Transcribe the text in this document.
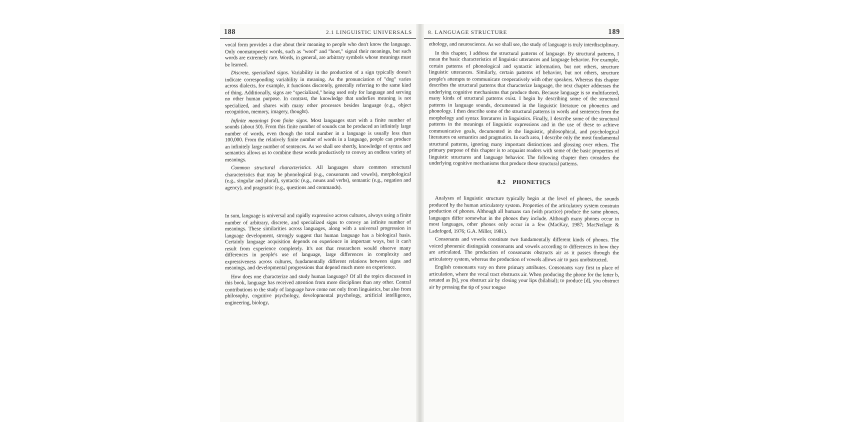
188	2.1 LINGUISTIC UNIVERSALS

vocal form provides a clue about their meaning to people who don't know the language. Only onomatopoetic words, such as "woof" and "hoot," signal their meanings, but such words are extremely rare. Words, in general, are arbitrary symbols whose meanings must be learned.

Discrete, specialized signs. Variability in the production of a sign typically doesn't indicate corresponding variability in meaning. As the pronunciation of "dog" varies across dialects, for example, it functions discretely, generally referring to the same kind of thing. Additionally, signs are "specialized," being used only for language and serving no other human purpose. In contrast, the knowledge that underlies meaning is not specialized, and shares with many other processes besides language (e.g., object recognition, memory, imagery, thought).

Infinite meanings from finite signs. Most languages start with a finite number of sounds (about 50). From this finite number of sounds can be produced an infinitely large number of words, even though the total number in a language is usually less than 100,000. From the relatively finite number of words in a language, people can produce an infinitely large number of sentences. As we shall see shortly, knowledge of syntax and semantics allows us to combine these words productively to convey an endless variety of meanings.

Common structural characteristics. All languages share common structural characteristics that may be phonological (e.g., consonants and vowels), morphological (e.g., singular and plural), syntactic (e.g., nouns and verbs), semantic (e.g., negation and agency), and pragmatic (e.g., questions and commands).

In sum, language is universal and rapidly expressive across cultures, always using a finite number of arbitrary, discrete, and specialized signs to convey an infinite number of meanings. These similarities across languages, along with a universal progression in language development, strongly suggest that human language has a biological basis. Certainly language acquisition depends on experience in important ways, but it can't result from experience completely. It's not that researchers would observe many differences in people's use of language, large differences in complexity and expressiveness across cultures, fundamentally different relations between signs and meanings, and developmental progressions that depend much more on experience.

How does one characterize and study human language? Of all the topics discussed in this book, language has received attention from more disciplines than any other. Central contributions to the study of language have come not only from linguistics, but also from philosophy, cognitive psychology, developmental psychology, artificial intelligence, engineering, biology,

8. LANGUAGE STRUCTURE	189

ethology, and neuroscience. As we shall see, the study of language is truly interdisciplinary.

In this chapter, I address the structural patterns of language. By structural patterns, I mean the basic characteristics of linguistic utterances and language behavior. For example, certain patterns of phonological and syntactic information, but not others, structure linguistic utterances. Similarly, certain patterns of behavior, but not others, structure people's attempts to communicate cooperatively with other speakers. Whereas this chapter describes the structural patterns that characterize language, the next chapter addresses the underlying cognitive mechanisms that produce them. Because language is so multifaceted, many kinds of structural patterns exist. I begin by describing some of the structural patterns in language sounds, documented in the linguistic literature on phonetics and phonology. I then describe some of the structural patterns in words and sentences from the morphology and syntax literatures in linguistics. Finally, I describe some of the structural patterns in the meanings of linguistic expressions and in the use of these to achieve communicative goals, documented in the linguistic, philosophical, and psychological literatures on semantics and pragmatics. In each area, I describe only the most fundamental structural patterns, ignoring many important distinctions and glossing over others. The primary purpose of this chapter is to acquaint readers with some of the basic properties of linguistic structures and language behavior. The following chapter then considers the underlying cognitive mechanisms that produce these structural patterns.

8.2 PHONETICS

Analyses of linguistic structure typically begin at the level of phones, the sounds produced by the human articulatory system. Properties of the articulatory system constrain production of phones. Although all humans can (with practice) produce the same phones, languages differ somewhat in the phones they include. Although many phones occur in most languages, other phones only occur in a few (MacKay, 1987; MacNeilage & Ladefoged, 1976; G.A. Miller, 1981).

Consonants and vowels constitute two fundamentally different kinds of phones. The voiced phonemic distinguish consonants and vowels according to differences in how they are articulated. The production of consonants obstructs air as it passes through the articulatory system, whereas the production of vowels allows air to pass unobstructed.

English consonants vary on three primary attributes. Consonants vary first in place of articulation, where the vocal tract obstructs air. When producing the phone for the letter b, notated as [b], you obstruct air by closing your lips (bilabial); to produce [d], you obstruct air by pressing the tip of your tongue
